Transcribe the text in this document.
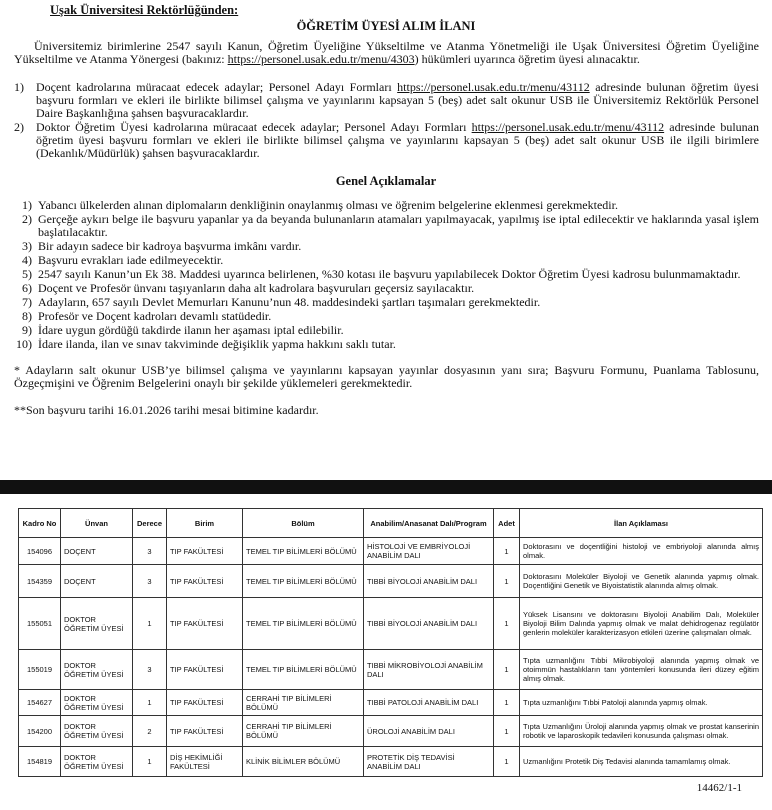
Uşak Üniversitesi Rektörlüğünden:
ÖĞRETİM ÜYESİ ALIM İLANI
Üniversitemiz birimlerine 2547 sayılı Kanun, Öğretim Üyeliğine Yükseltilme ve Atanma Yönetmeliği ile Uşak Üniversitesi Öğretim Üyeliğine Yükseltilme ve Atanma Yönergesi (bakınız: https://personel.usak.edu.tr/menu/4303) hükümleri uyarınca öğretim üyesi alınacaktır.
1) Doçent kadrolarına müracaat edecek adaylar; Personel Adayı Formları https://personel.usak.edu.tr/menu/43112 adresinde bulunan öğretim üyesi başvuru formları ve ekleri ile birlikte bilimsel çalışma ve yayınlarını kapsayan 5 (beş) adet salt okunur USB ile Üniversitemiz Rektörlük Personel Daire Başkanlığına şahsen başvuracaklardır.
2) Doktor Öğretim Üyesi kadrolarına müracaat edecek adaylar; Personel Adayı Formları https://personel.usak.edu.tr/menu/43112 adresinde bulunan öğretim üyesi başvuru formları ve ekleri ile birlikte bilimsel çalışma ve yayınlarını kapsayan 5 (beş) adet salt okunur USB ile ilgili birimlere (Dekanlık/Müdürlük) şahsen başvuracaklardır.
Genel Açıklamalar
1) Yabancı ülkelerden alınan diplomaların denkliğinin onaylanmış olması ve öğrenim belgelerine eklenmesi gerekmektedir.
2) Gerçeğe aykırı belge ile başvuru yapanlar ya da beyanda bulunanların atamaları yapılmayacak, yapılmış ise iptal edilecektir ve haklarında yasal işlem başlatılacaktır.
3) Bir adayın sadece bir kadroya başvurma imkânı vardır.
4) Başvuru evrakları iade edilmeyecektir.
5) 2547 sayılı Kanun’un Ek 38. Maddesi uyarınca belirlenen, %30 kotası ile başvuru yapılabilecek Doktor Öğretim Üyesi kadrosu bulunmamaktadır.
6) Doçent ve Profesör ünvanı taşıyanların daha alt kadrolara başvuruları geçersiz sayılacaktır.
7) Adayların, 657 sayılı Devlet Memurları Kanunu’nun 48. maddesindeki şartları taşımaları gerekmektedir.
8) Profesör ve Doçent kadroları devamlı statüdedir.
9) İdare uygun gördüğü takdirde ilanın her aşaması iptal edilebilir.
10) İdare ilanda, ilan ve sınav takviminde değişiklik yapma hakkını saklı tutar.
* Adayların salt okunur USB’ye bilimsel çalışma ve yayınlarını kapsayan yayınlar dosyasının yanı sıra; Başvuru Formunu, Puanlama Tablosunu, Özgeçmişini ve Öğrenim Belgelerini onaylı bir şekilde yüklemeleri gerekmektedir.
**Son başvuru tarihi 16.01.2026 tarihi mesai bitimine kadardır.
Kadro No	Ünvan	Derece	Birim	Bölüm	Anabilim/Anasanat Dalı/Program	Adet	İlan Açıklaması
154096	DOÇENT	3	TIP FAKÜLTESİ	TEMEL TIP BİLİMLERİ BÖLÜMÜ	HİSTOLOJİ VE EMBRİYOLOJİ ANABİLİM DALI	1	Doktorasını ve doçentliğini histoloji ve embriyoloji alanında almış olmak.
154359	DOÇENT	3	TIP FAKÜLTESİ	TEMEL TIP BİLİMLERİ BÖLÜMÜ	TIBBİ BİYOLOJİ ANABİLİM DALI	1	Doktorasını Moleküler Biyoloji ve Genetik alanında yapmış olmak. Doçentliğini Genetik ve Biyoistatistik alanında almış olmak.
155051	DOKTOR ÖĞRETİM ÜYESİ	1	TIP FAKÜLTESİ	TEMEL TIP BİLİMLERİ BÖLÜMÜ	TIBBİ BİYOLOJİ ANABİLİM DALI	1	Yüksek Lisansını ve doktorasını Biyoloji Anabilim Dalı, Moleküler Biyoloji Bilim Dalında yapmış olmak ve malat dehidrogenaz regülatör genlerin moleküler karakterizasyon etkileri üzerine çalışmaları olmak.
155019	DOKTOR ÖĞRETİM ÜYESİ	3	TIP FAKÜLTESİ	TEMEL TIP BİLİMLERİ BÖLÜMÜ	TIBBİ MİKROBİYOLOJİ ANABİLİM DALI	1	Tıpta uzmanlığını Tıbbi Mikrobiyoloji alanında yapmış olmak ve otoimmün hastalıkların tanı yöntemleri konusunda ileri düzey eğitim almış olmak.
154627	DOKTOR ÖĞRETİM ÜYESİ	1	TIP FAKÜLTESİ	CERRAHİ TIP BİLİMLERİ BÖLÜMÜ	TIBBİ PATOLOJİ ANABİLİM DALI	1	Tıpta uzmanlığını Tıbbi Patoloji alanında yapmış olmak.
154200	DOKTOR ÖĞRETİM ÜYESİ	2	TIP FAKÜLTESİ	CERRAHİ TIP BİLİMLERİ BÖLÜMÜ	ÜROLOJİ ANABİLİM DALI	1	Tıpta Uzmanlığını Üroloji alanında yapmış olmak ve prostat kanserinin robotik ve laparoskopik tedavileri konusunda çalışması olmak.
154819	DOKTOR ÖĞRETİM ÜYESİ	1	DİŞ HEKİMLİĞİ FAKÜLTESİ	KLİNİK BİLİMLER BÖLÜMÜ	PROTETİK DİŞ TEDAVİSİ ANABİLİM DALI	1	Uzmanlığını Protetik Diş Tedavisi alanında tamamlamış olmak.
14462/1-1
